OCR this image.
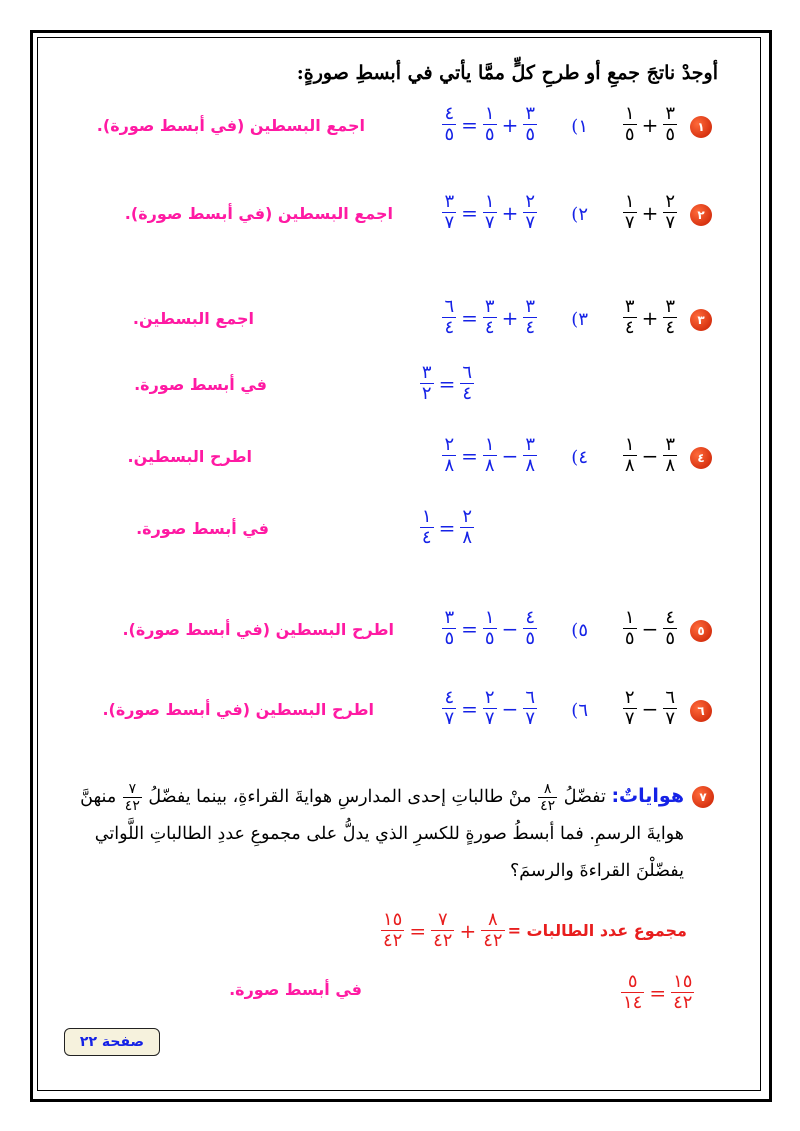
أوجدْ ناتجَ جمعِ أو طرحِ كلٍّ ممَّا يأتي في أبسطِ صورةٍ:
١
$\frac{١}{٥} + \frac{٣}{٥}$
١)
$\frac{٤}{٥} = \frac{١}{٥} + \frac{٣}{٥}$
اجمع البسطين (في أبسط صورة).
٢
$\frac{١}{٧} + \frac{٢}{٧}$
٢)
$\frac{٣}{٧} = \frac{١}{٧} + \frac{٢}{٧}$
اجمع البسطين (في أبسط صورة).
٣
$\frac{٣}{٤} + \frac{٣}{٤}$
٣)
$\frac{٦}{٤} = \frac{٣}{٤} + \frac{٣}{٤}$
اجمع البسطين.
$\frac{٣}{٢} = \frac{٦}{٤}$
في أبسط صورة.
٤
$\frac{١}{٨} - \frac{٣}{٨}$
٤)
$\frac{٢}{٨} = \frac{١}{٨} - \frac{٣}{٨}$
اطرح البسطين.
$\frac{١}{٤} = \frac{٢}{٨}$
في أبسط صورة.
٥
$\frac{١}{٥} - \frac{٤}{٥}$
٥)
$\frac{٣}{٥} = \frac{١}{٥} - \frac{٤}{٥}$
اطرح البسطين (في أبسط صورة).
٦
$\frac{٢}{٧} - \frac{٦}{٧}$
٦)
$\frac{٤}{٧} = \frac{٢}{٧} - \frac{٦}{٧}$
اطرح البسطين (في أبسط صورة).
٧
هواياتٌ: تفضّلُ
$\frac{٨}{٤٢}$
منْ طالباتِ إحدى المدارسِ هوايةَ القراءةِ، بينما يفضّلُ
$\frac{٧}{٤٢}$
منهنَّ هوايةَ الرسمِ. فما أبسطُ صورةٍ للكسرِ الذي يدلُّ على مجموعِ عددِ الطالباتِ اللَّواتي يفضّلْنَ القراءةَ والرسمَ؟
$\frac{١٥}{٤٢} = \frac{٧}{٤٢} + \frac{٨}{٤٢}$ مجموع عدد الطالبات =
$\frac{٥}{١٤} = \frac{١٥}{٤٢}$
في أبسط صورة.
صفحة ٢٢
